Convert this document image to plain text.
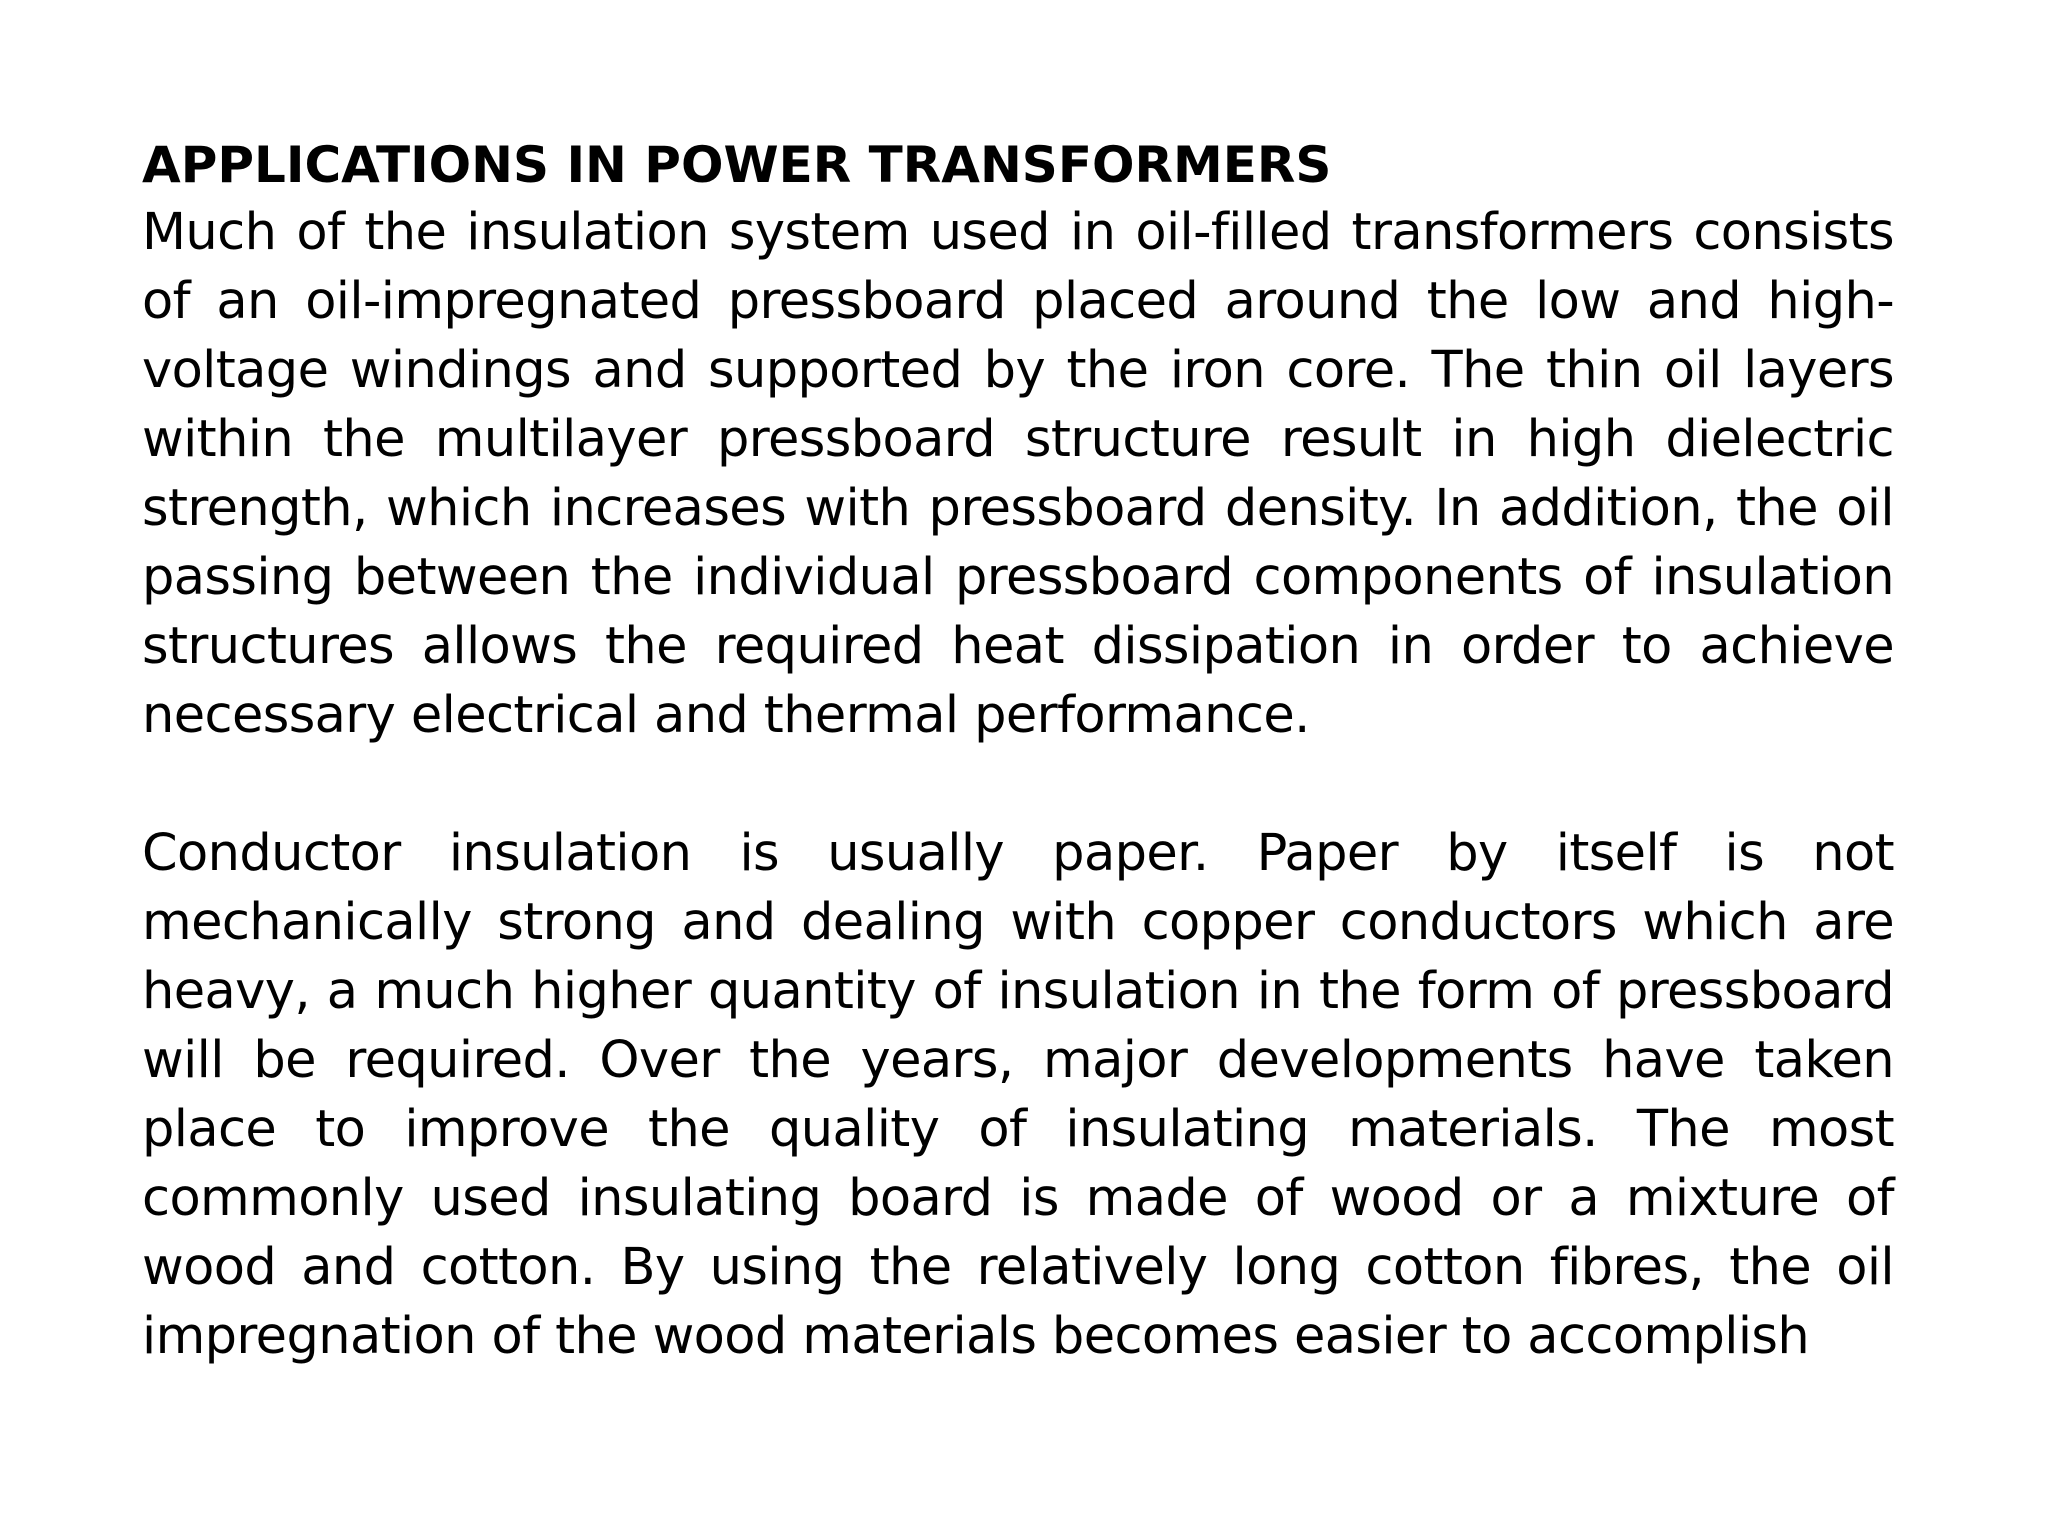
APPLICATIONS IN POWER TRANSFORMERS

Much of the insulation system used in oil-filled transformers consists of an oil-impregnated pressboard placed around the low and high-voltage windings and supported by the iron core. The thin oil layers within the multilayer pressboard structure result in high dielectric strength, which increases with pressboard density. In addition, the oil passing between the individual pressboard components of insulation structures allows the required heat dissipation in order to achieve necessary electrical and thermal performance.

Conductor insulation is usually paper. Paper by itself is not mechanically strong and dealing with copper conductors which are heavy, a much higher quantity of insulation in the form of pressboard will be required. Over the years, major developments have taken place to improve the quality of insulating materials. The most commonly used insulating board is made of wood or a mixture of wood and cotton. By using the relatively long cotton fibres, the oil impregnation of the wood materials becomes easier to accomplish
